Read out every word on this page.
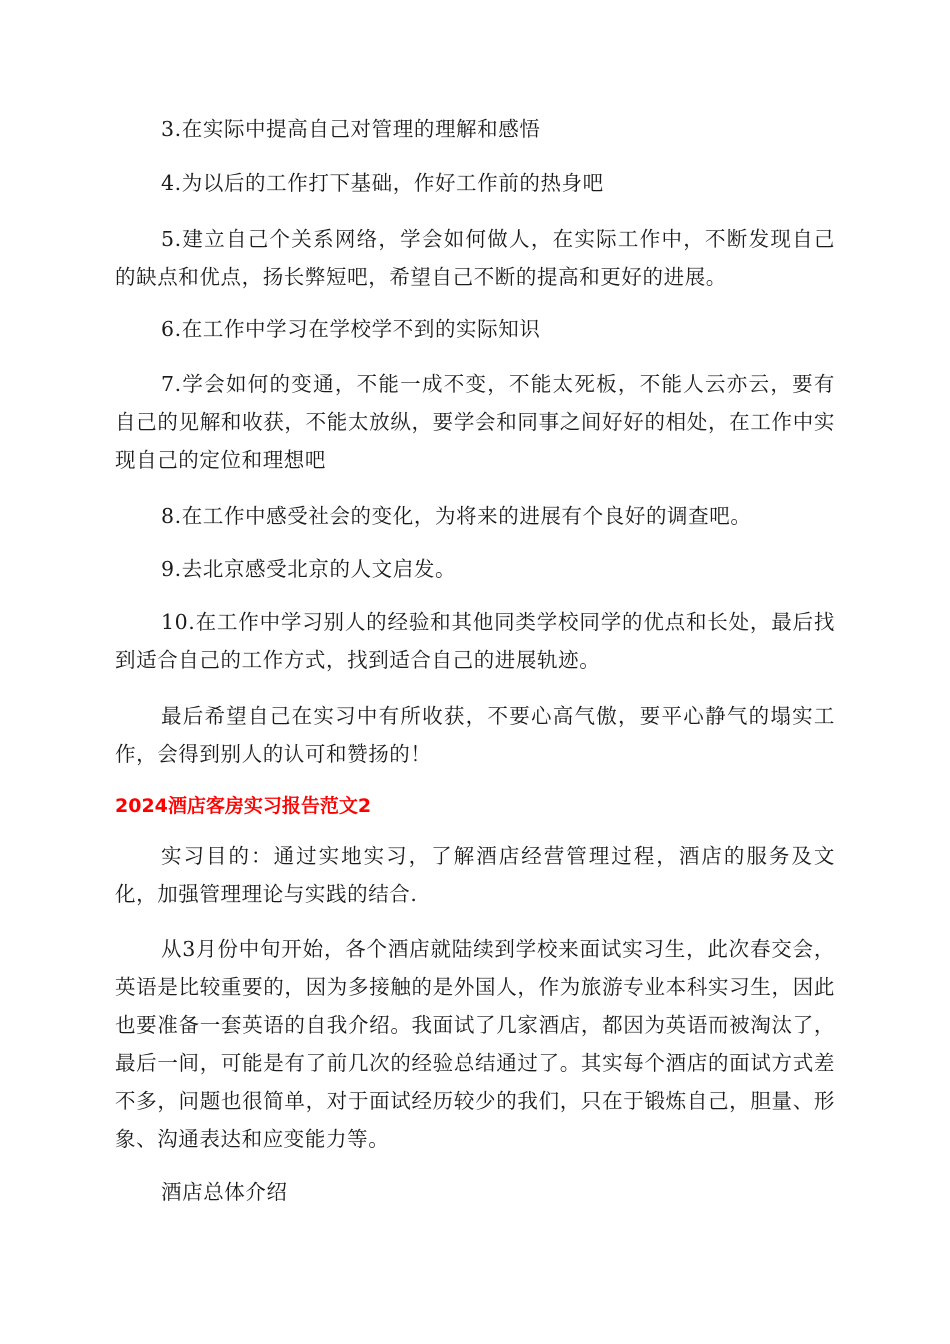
3.在实际中提高自己对管理的理解和感悟

4.为以后的工作打下基础，作好工作前的热身吧

5.建立自己个关系网络，学会如何做人，在实际工作中，不断发现自己的缺点和优点，扬长弊短吧，希望自己不断的提高和更好的进展。

6.在工作中学习在学校学不到的实际知识

7.学会如何的变通，不能一成不变，不能太死板，不能人云亦云，要有自己的见解和收获，不能太放纵，要学会和同事之间好好的相处，在工作中实现自己的定位和理想吧

8.在工作中感受社会的变化，为将来的进展有个良好的调查吧。

9.去北京感受北京的人文启发。

10.在工作中学习别人的经验和其他同类学校同学的优点和长处，最后找到适合自己的工作方式，找到适合自己的进展轨迹。

最后希望自己在实习中有所收获，不要心高气傲，要平心静气的塌实工作，会得到别人的认可和赞扬的！

2024酒店客房实习报告范文2

实习目的：通过实地实习，了解酒店经营管理过程，酒店的服务及文化，加强管理理论与实践的结合.

从3月份中旬开始，各个酒店就陆续到学校来面试实习生，此次春交会，英语是比较重要的，因为多接触的是外国人，作为旅游专业本科实习生，因此也要准备一套英语的自我介绍。我面试了几家酒店，都因为英语而被淘汰了，最后一间，可能是有了前几次的经验总结通过了。其实每个酒店的面试方式差不多，问题也很简单，对于面试经历较少的我们，只在于锻炼自己，胆量、形象、沟通表达和应变能力等。

酒店总体介绍
